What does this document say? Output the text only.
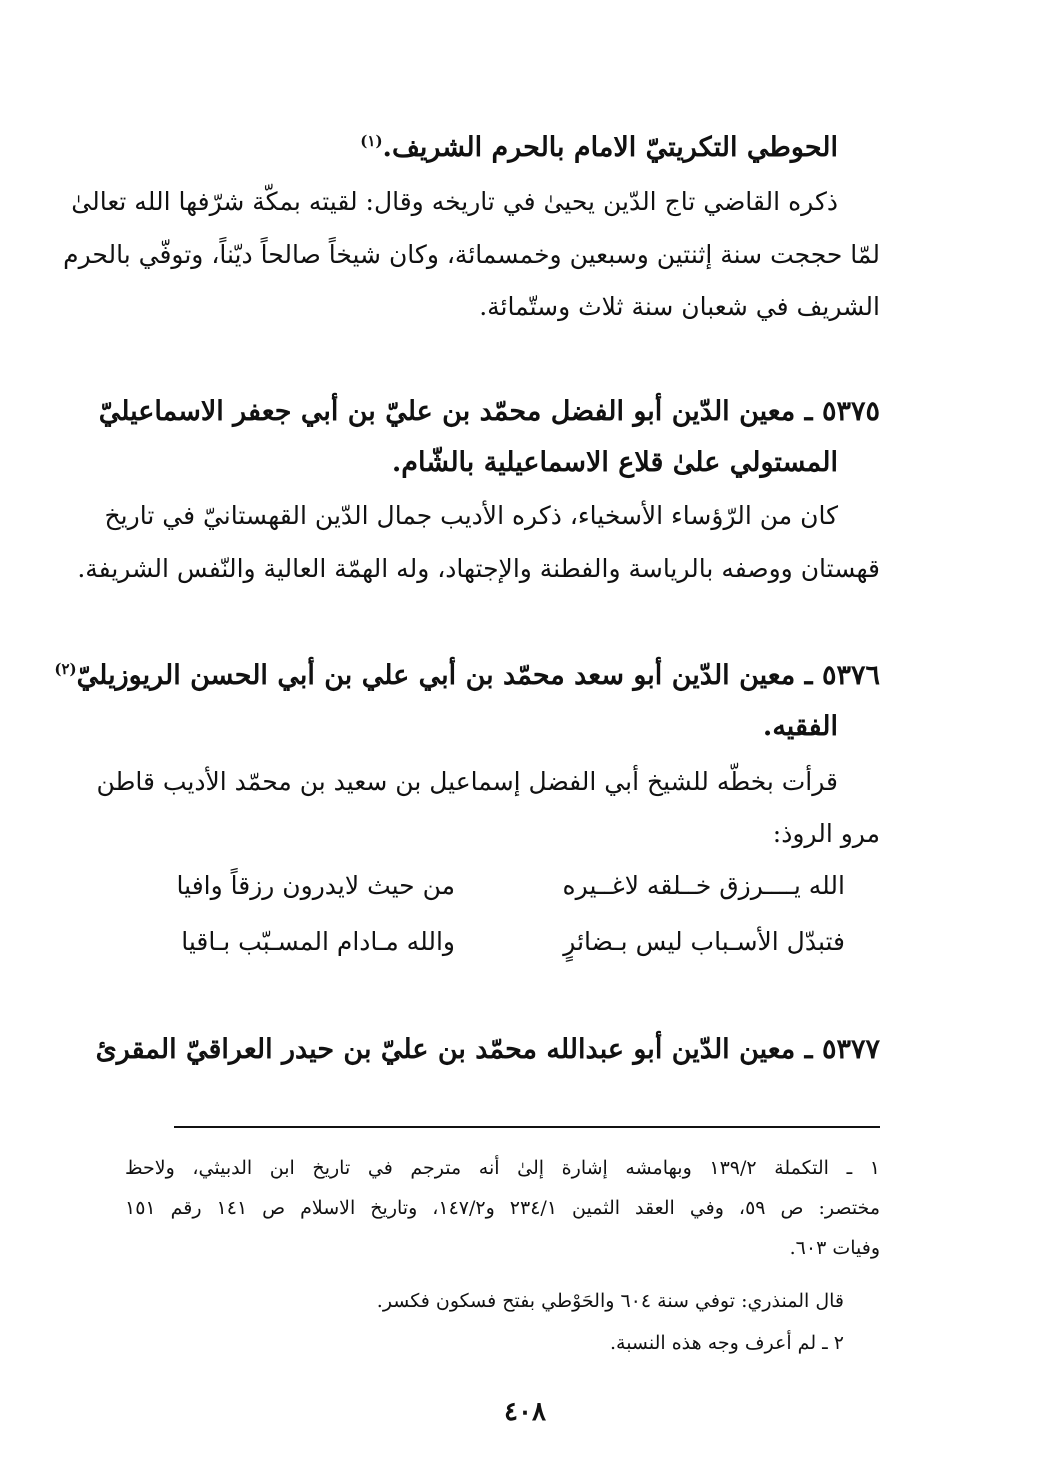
الحوطي التكريتيّ الامام بالحرم الشريف.$^{(١)}$
ذكره القاضي تاج الدّين يحيىٰ في تاريخه وقال: لقيته بمكّة شرّفها الله تعالىٰ
لمّا حججت سنة إثنتين وسبعين وخمسمائة، وكان شيخاً صالحاً ديّناً، وتوفّي بالحرم
الشريف في شعبان سنة ثلاث وستّمائة.
٥٣٧٥ ـ معين الدّين أبو الفضل محمّد بن عليّ بن أبي جعفر الاسماعيليّ
المستولي علىٰ قلاع الاسماعيلية بالشّام.
كان من الرّؤساء الأسخياء، ذكره الأديب جمال الدّين القهستانيّ في تاريخ
قهستان ووصفه بالرياسة والفطنة والإجتهاد، وله الهمّة العالية والنّفس الشريفة.
٥٣٧٦ ـ معين الدّين أبو سعد محمّد بن أبي علي بن أبي الحسن الريوزيليّ$^{(٢)}$
الفقيه.
قرأت بخطّه للشيخ أبي الفضل إسماعيل بن سعيد بن محمّد الأديب قاطن
مرو الروذ:
الله يــــرزق خــلقه لاغــيره
من حيث لايدرون رزقاً وافيا
فتبدّل الأسـباب ليس بـضائرٍ
والله مـادام المسـبّب بـاقيا
٥٣٧٧ ـ معين الدّين أبو عبدالله محمّد بن عليّ بن حيدر العراقيّ المقرئ
١ ـ التكملة ١٣٩/٢ وبهامشه إشارة إلىٰ أنه مترجم في تاريخ ابن الدبيثي، ولاحظ
مختصر: ص ٥٩، وفي العقد الثمين ٢٣٤/١ و١٤٧/٢، وتاريخ الاسلام ص ١٤١ رقم ١٥١
وفيات ٦٠٣.
قال المنذري: توفي سنة ٦٠٤ والحَوْطي بفتح فسكون فكسر.
٢ ـ لم أعرف وجه هذه النسبة.
٤٠٨
